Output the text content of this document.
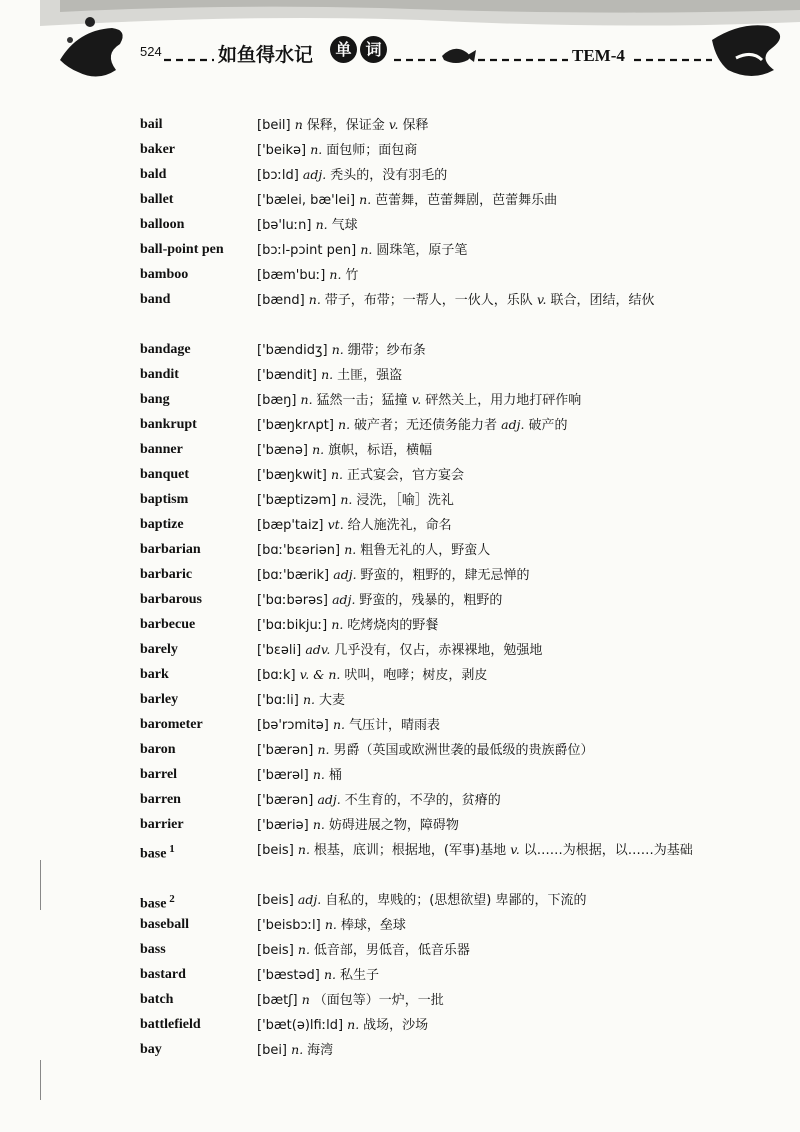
524	如鱼得水记	单 词	TEM-4
bail	[beil] n 保释，保证金 v. 保释
baker	['beikə] n. 面包师；面包商
bald	[bɔːld] adj. 秃头的，没有羽毛的
ballet	['bælei, bæ'lei] n. 芭蕾舞，芭蕾舞剧，芭蕾舞乐曲
balloon	[bə'luːn] n. 气球
ball-point pen	[bɔːl-pɔint pen] n. 圆珠笔，原子笔
bamboo	[bæm'buː] n. 竹
band	[bænd] n. 带子，布带；一帮人，一伙人，乐队 v. 联合，团结，结伙
bandage	['bændidʒ] n. 绷带；纱布条
bandit	['bændit] n. 土匪，强盗
bang	[bæŋ] n. 猛然一击；猛撞 v. 砰然关上，用力地打砰作响
bankrupt	['bæŋkrʌpt] n. 破产者；无还债务能力者 adj. 破产的
banner	['bænə] n. 旗帜，标语，横幅
banquet	['bæŋkwit] n. 正式宴会，官方宴会
baptism	['bæptizəm] n. 浸洗，［喻］洗礼
baptize	[bæp'taiz] vt. 给人施洗礼，命名
barbarian	[bɑː'bɛəriən] n. 粗鲁无礼的人，野蛮人
barbaric	[bɑː'bærik] adj. 野蛮的，粗野的，肆无忌惮的
barbarous	['bɑːbərəs] adj. 野蛮的，残暴的，粗野的
barbecue	['bɑːbikjuː] n. 吃烤烧肉的野餐
barely	['bɛəli] adv. 几乎没有，仅占，赤裸裸地，勉强地
bark	[bɑːk] v. & n. 吠叫，咆哮；树皮，剥皮
barley	['bɑːli] n. 大麦
barometer	[bə'rɔmitə] n. 气压计，晴雨表
baron	['bærən] n. 男爵（英国或欧洲世袭的最低级的贵族爵位）
barrel	['bærəl] n. 桶
barren	['bærən] adj. 不生育的，不孕的，贫瘠的
barrier	['bæriə] n. 妨碍进展之物，障碍物
base $^1$	[beis] n. 根基，底训；根据地，(军事)基地 v. 以……为根据，以……为基础
base $^2$	[beis] adj. 自私的，卑贱的；(思想欲望) 卑鄙的，下流的
baseball	['beisbɔːl] n. 棒球，垒球
bass	[beis] n. 低音部，男低音，低音乐器
bastard	['bæstəd] n. 私生子
batch	[bætʃ] n （面包等）一炉，一批
battlefield	['bæt(ə)lfiːld] n. 战场，沙场
bay	[bei] n. 海湾
